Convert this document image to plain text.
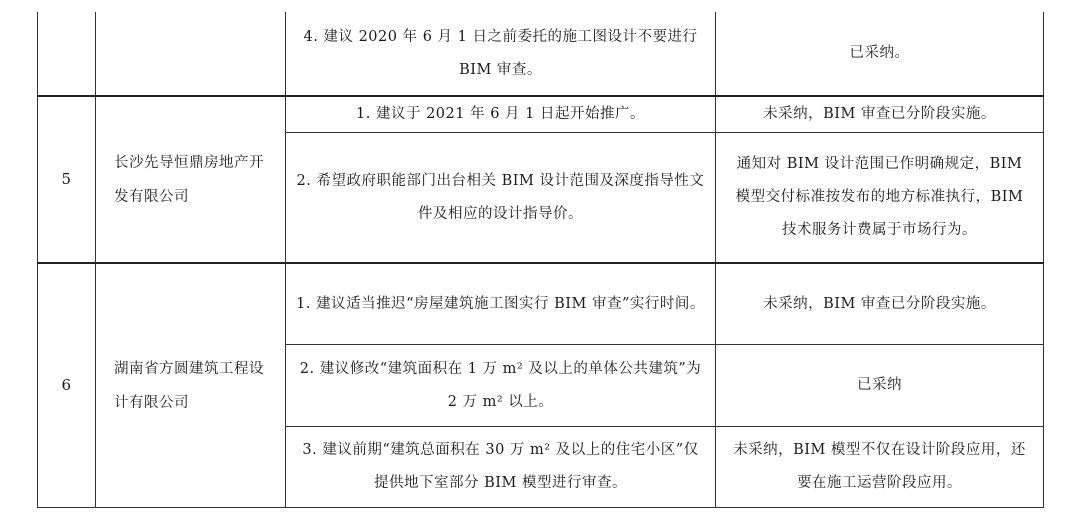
4. 建议 2020 年 6 月 1 日之前委托的施工图设计不要进行 BIM 审查。
已采纳。
5
长沙先导恒鼎房地产开发有限公司
1. 建议于 2021 年 6 月 1 日起开始推广。	未采纳，BIM 审查已分阶段实施。
2. 希望政府职能部门出台相关 BIM 设计范围及深度指导性文件及相应的设计指导价。
通知对 BIM 设计范围已作明确规定，BIM 模型交付标准按发布的地方标准执行，BIM 技术服务计费属于市场行为。
6
湖南省方圆建筑工程设计有限公司
1. 建议适当推迟“房屋建筑施工图实行 BIM 审查”实行时间。	未采纳，BIM 审查已分阶段实施。
2. 建议修改“建筑面积在 1 万 m² 及以上的单体公共建筑”为 2 万 m² 以上。
已采纳
3. 建议前期“建筑总面积在 30 万 m² 及以上的住宅小区”仅提供地下室部分 BIM 模型进行审查。
未采纳，BIM 模型不仅在设计阶段应用，还要在施工运营阶段应用。
